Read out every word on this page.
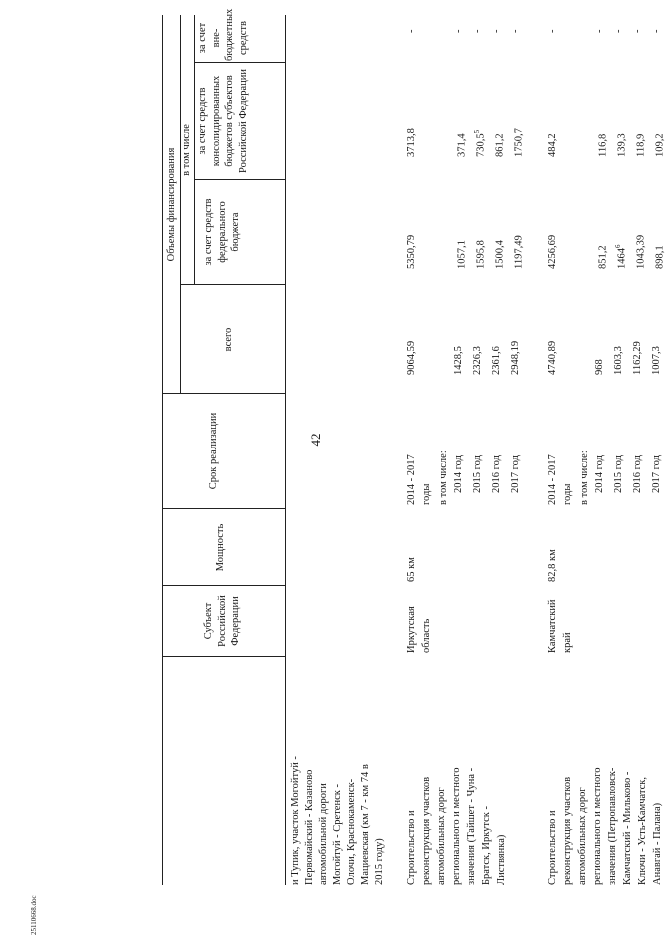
42
25110668.doc
Субъект Российской Федерации
Мощность
Срок реализации
Объемы финансирования
всего
в том числе
за счет средств федерального бюджета
за счет средств консолидированных бюджетов субъектов Российской Федерации
за счет вне-бюджетных средств
и Тупик, участок Могойтуй - Первомайский - Казаново автомобильной дороги Могойтуй - Сретенск - Олочи, Краснокаменск- Мациевская (км 7 - км 74 в 2015 году) Строительство и реконструкция участков автомобильных дорог регионального и местного значения (Тайшет - Чуна - Братск, Иркутск - Листвянка)
Иркутская область
65 км
2014 - 2017 годы
9064,59
5350,79
3713,8
-
в том числе: 2014 год
1428,5
1057,1
371,4
-
2015 год
2326,3
1595,8
730,5$^5$
-
2016 год
2361,6
1500,4
861,2
-
2017 год
2948,19
1197,49
1750,7
-
Строительство и реконструкция участков автомобильных дорог регионального и местного значения (Петропавловск- Камчатский - Мильково - Ключи - Усть-Камчатск, Анавгай - Палана)
Камчатский край
82,8 км
2014 - 2017 годы
4740,89
4256,69
484,2
-
в том числе: 2014 год
968
851,2
116,8
-
2015 год
1603,3
1464$^6$
139,3
-
2016 год
1162,29
1043,39
118,9
-
2017 год
1007,3
898,1
109,2
-
